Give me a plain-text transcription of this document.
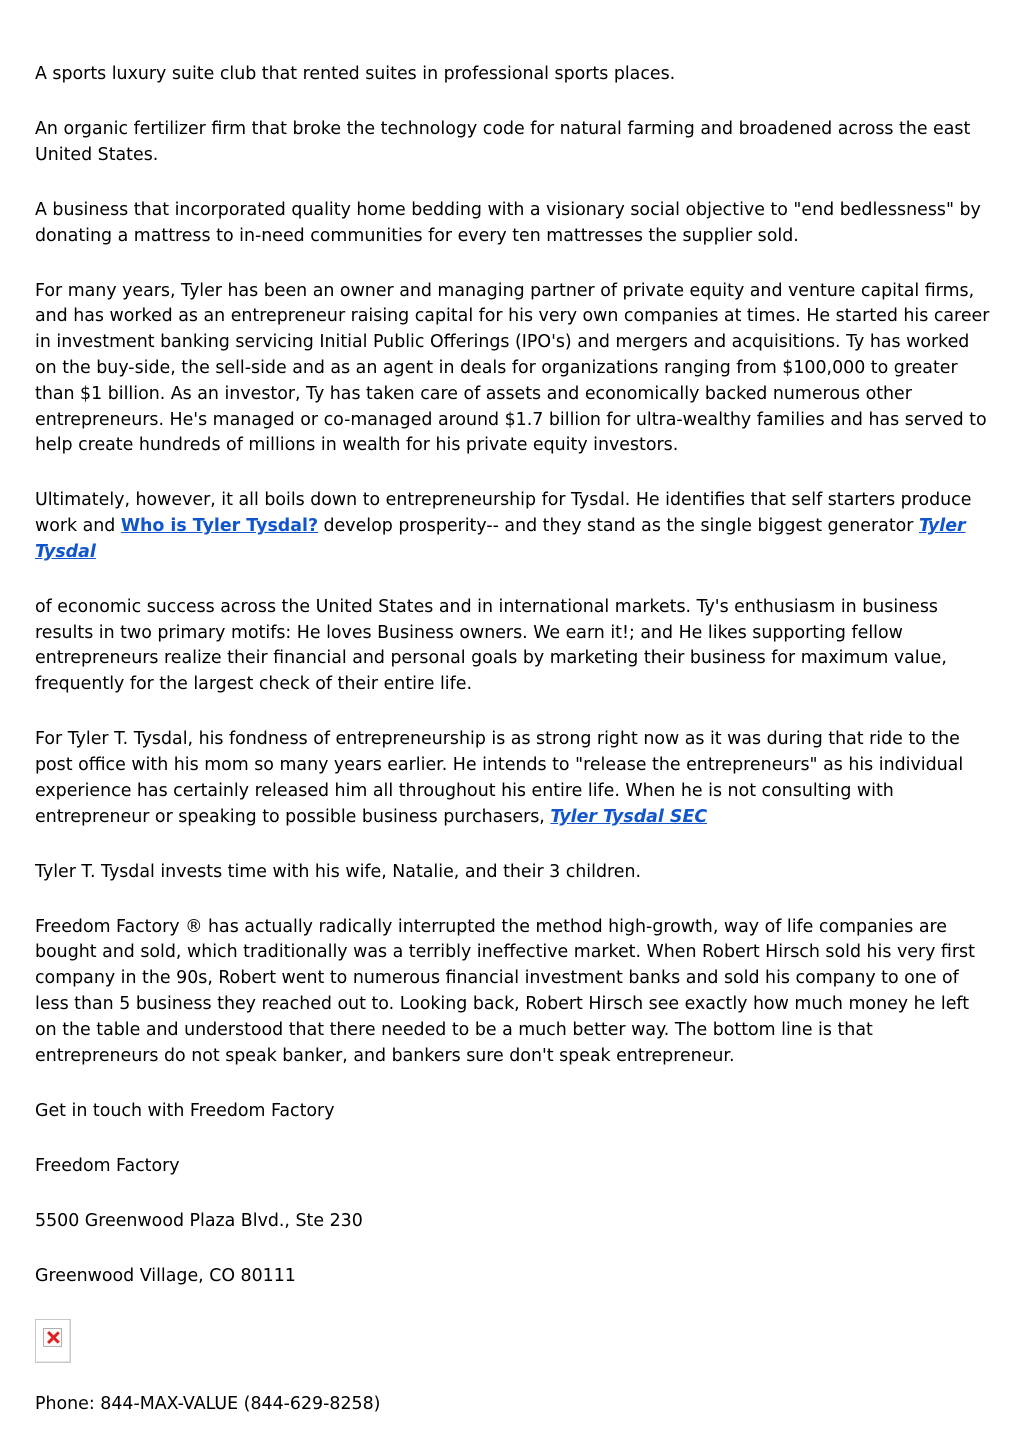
A sports luxury suite club that rented suites in professional sports places.

An organic fertilizer firm that broke the technology code for natural farming and broadened across the east United States.

A business that incorporated quality home bedding with a visionary social objective to "end bedlessness" by donating a mattress to in-need communities for every ten mattresses the supplier sold.

For many years, Tyler has been an owner and managing partner of private equity and venture capital firms, and has worked as an entrepreneur raising capital for his very own companies at times. He started his career in investment banking servicing Initial Public Offerings (IPO's) and mergers and acquisitions. Ty has worked on the buy-side, the sell-side and as an agent in deals for organizations ranging from $100,000 to greater than $1 billion. As an investor, Ty has taken care of assets and economically backed numerous other entrepreneurs. He's managed or co-managed around $1.7 billion for ultra-wealthy families and has served to help create hundreds of millions in wealth for his private equity investors.

Ultimately, however, it all boils down to entrepreneurship for Tysdal. He identifies that self starters produce work and Who is Tyler Tysdal? develop prosperity-- and they stand as the single biggest generator Tyler Tysdal

of economic success across the United States and in international markets. Ty's enthusiasm in business results in two primary motifs: He loves Business owners. We earn it!; and He likes supporting fellow entrepreneurs realize their financial and personal goals by marketing their business for maximum value, frequently for the largest check of their entire life.

For Tyler T. Tysdal, his fondness of entrepreneurship is as strong right now as it was during that ride to the post office with his mom so many years earlier. He intends to "release the entrepreneurs" as his individual experience has certainly released him all throughout his entire life. When he is not consulting with entrepreneur or speaking to possible business purchasers, Tyler Tysdal SEC

Tyler T. Tysdal invests time with his wife, Natalie, and their 3 children.

Freedom Factory ® has actually radically interrupted the method high-growth, way of life companies are bought and sold, which traditionally was a terribly ineffective market. When Robert Hirsch sold his very first company in the 90s, Robert went to numerous financial investment banks and sold his company to one of less than 5 business they reached out to. Looking back, Robert Hirsch see exactly how much money he left on the table and understood that there needed to be a much better way. The bottom line is that entrepreneurs do not speak banker, and bankers sure don't speak entrepreneur.

Get in touch with Freedom Factory

Freedom Factory

5500 Greenwood Plaza Blvd., Ste 230

Greenwood Village, CO 80111

Phone: 844-MAX-VALUE (844-629-8258)
